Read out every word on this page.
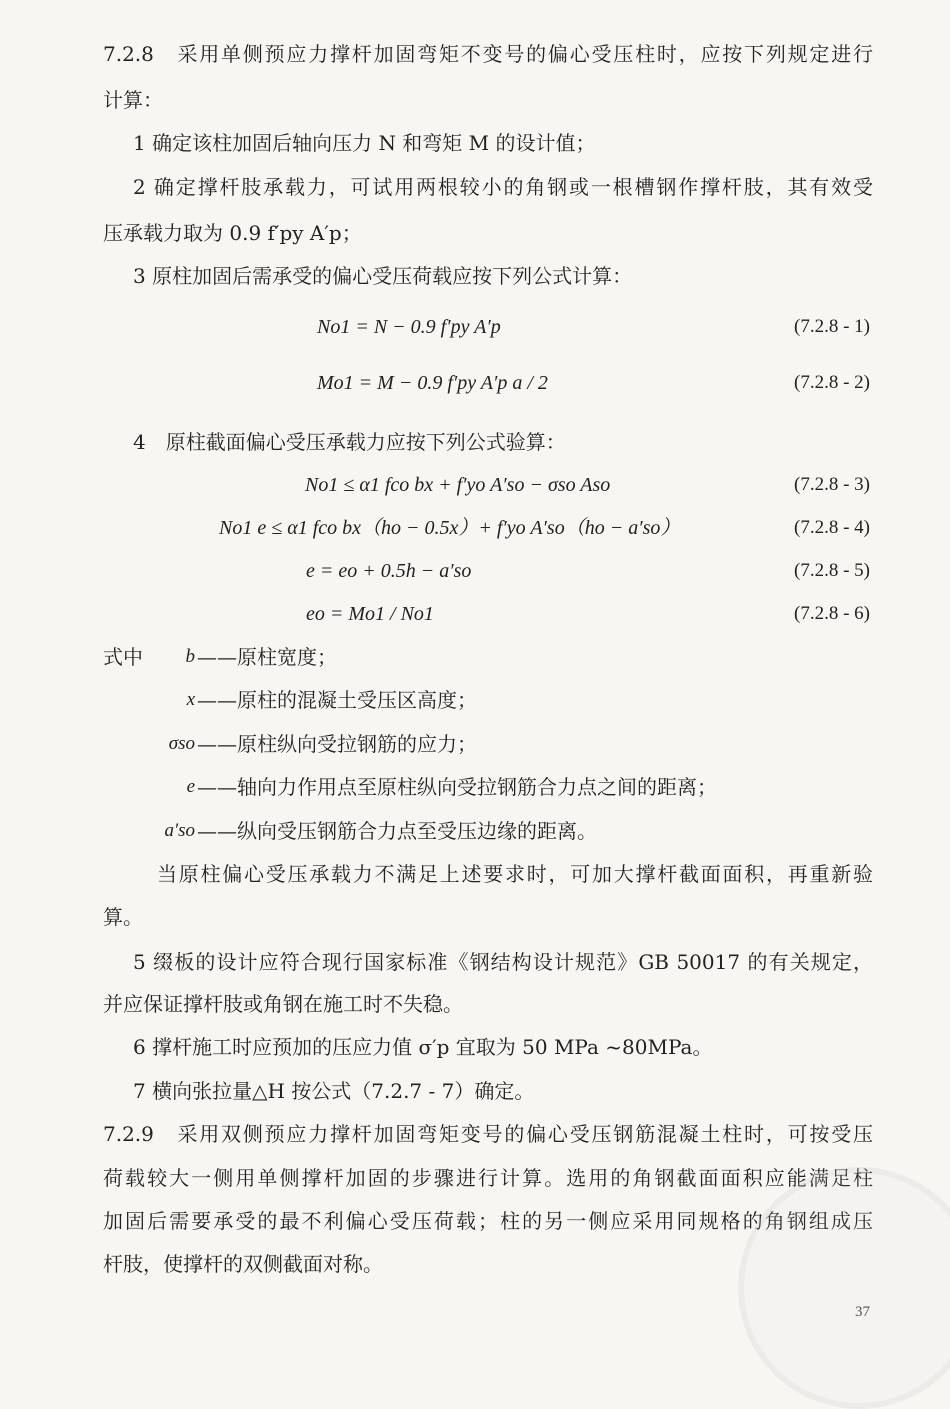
7.2.8　采用单侧预应力撑杆加固弯矩不变号的偏心受压柱时，应按下列规定进行
计算：
1 确定该柱加固后轴向压力 N 和弯矩 M 的设计值；
2 确定撑杆肢承载力，可试用两根较小的角钢或一根槽钢作撑杆肢，其有效受
压承载力取为 0.9 f′py A′p；
3 原柱加固后需承受的偏心受压荷载应按下列公式计算：
No1 = N − 0.9 f′py A′p	(7.2.8 - 1)
Mo1 = M − 0.9 f′py A′p a / 2	(7.2.8 - 2)
4　原柱截面偏心受压承载力应按下列公式验算：
No1 ≤ α1 fco bx + f′yo A′so − σso Aso	(7.2.8 - 3)
No1 e ≤ α1 fco bx（ho − 0.5x）+ f′yo A′so（ho − a′so）	(7.2.8 - 4)
e = eo + 0.5h − a′so	(7.2.8 - 5)
eo = Mo1 / No1	(7.2.8 - 6)
式中	b ——原柱宽度；
x ——原柱的混凝土受压区高度；
σso ——原柱纵向受拉钢筋的应力；
e ——轴向力作用点至原柱纵向受拉钢筋合力点之间的距离；
a′so ——纵向受压钢筋合力点至受压边缘的距离。
当原柱偏心受压承载力不满足上述要求时，可加大撑杆截面面积，再重新验
算。
5 缀板的设计应符合现行国家标准《钢结构设计规范》GB 50017 的有关规定，
并应保证撑杆肢或角钢在施工时不失稳。
6 撑杆施工时应预加的压应力值 σ′p 宜取为 50 MPa ~80MPa。
7 横向张拉量△H 按公式（7.2.7 - 7）确定。
7.2.9　采用双侧预应力撑杆加固弯矩变号的偏心受压钢筋混凝土柱时，可按受压
荷载较大一侧用单侧撑杆加固的步骤进行计算。选用的角钢截面面积应能满足柱
加固后需要承受的最不利偏心受压荷载；柱的另一侧应采用同规格的角钢组成压
杆肢，使撑杆的双侧截面对称。
37
